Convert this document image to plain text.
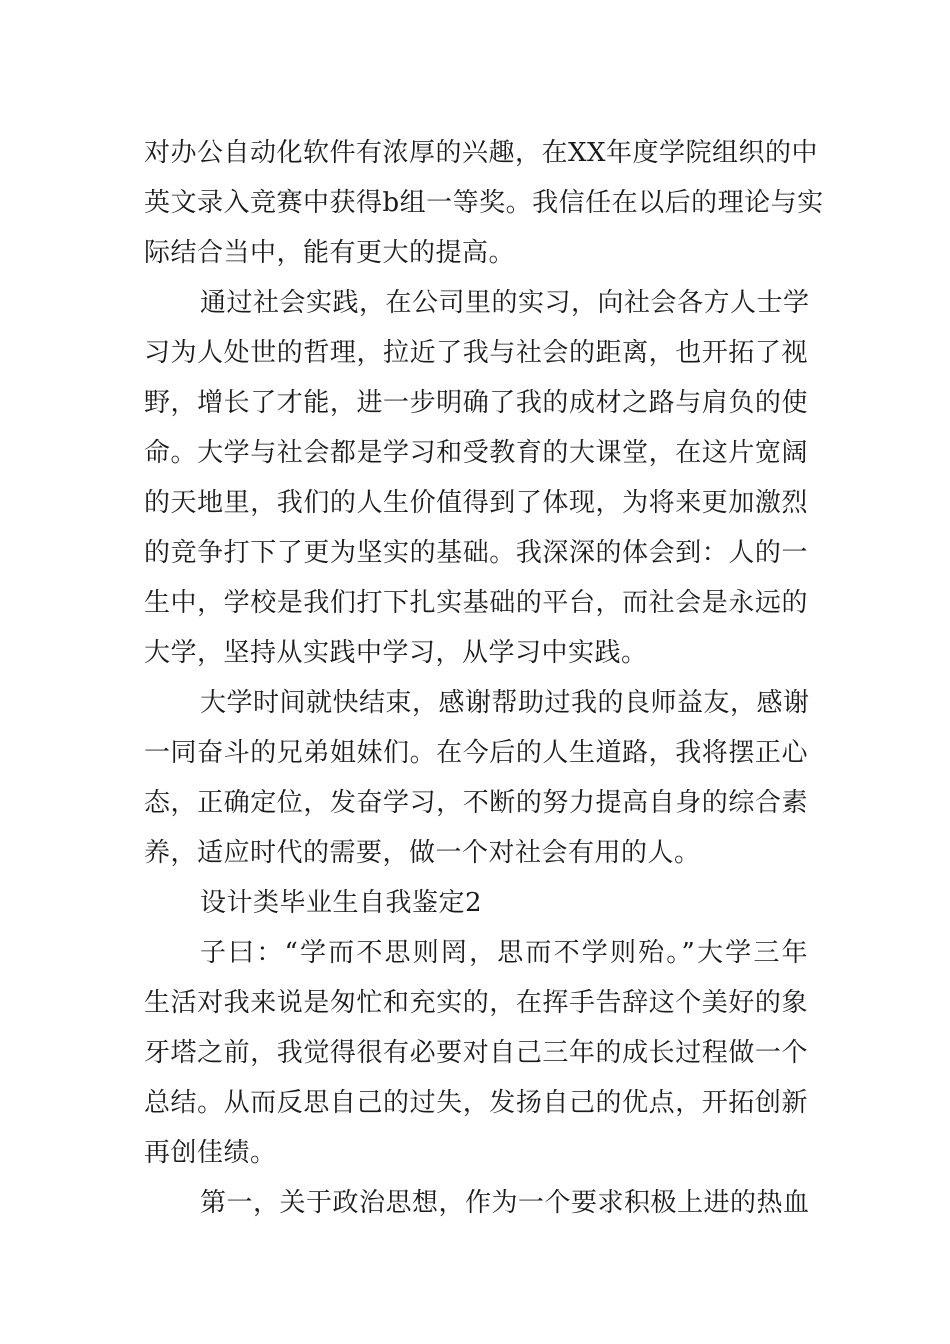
对办公自动化软件有浓厚的兴趣，在XX年度学院组织的中
英文录入竞赛中获得b组一等奖。我信任在以后的理论与实
际结合当中，能有更大的提高。
通过社会实践，在公司里的实习，向社会各方人士学
习为人处世的哲理，拉近了我与社会的距离，也开拓了视
野，增长了才能，进一步明确了我的成材之路与肩负的使
命。大学与社会都是学习和受教育的大课堂，在这片宽阔
的天地里，我们的人生价值得到了体现，为将来更加激烈
的竞争打下了更为坚实的基础。我深深的体会到：人的一
生中，学校是我们打下扎实基础的平台，而社会是永远的
大学，坚持从实践中学习，从学习中实践。
大学时间就快结束，感谢帮助过我的良师益友，感谢
一同奋斗的兄弟姐妹们。在今后的人生道路，我将摆正心
态，正确定位，发奋学习，不断的努力提高自身的综合素
养，适应时代的需要，做一个对社会有用的人。
设计类毕业生自我鉴定2
子曰：“学而不思则罔，思而不学则殆。”大学三年
生活对我来说是匆忙和充实的，在挥手告辞这个美好的象
牙塔之前，我觉得很有必要对自己三年的成长过程做一个
总结。从而反思自己的过失，发扬自己的优点，开拓创新
再创佳绩。
第一，关于政治思想，作为一个要求积极上进的热血
